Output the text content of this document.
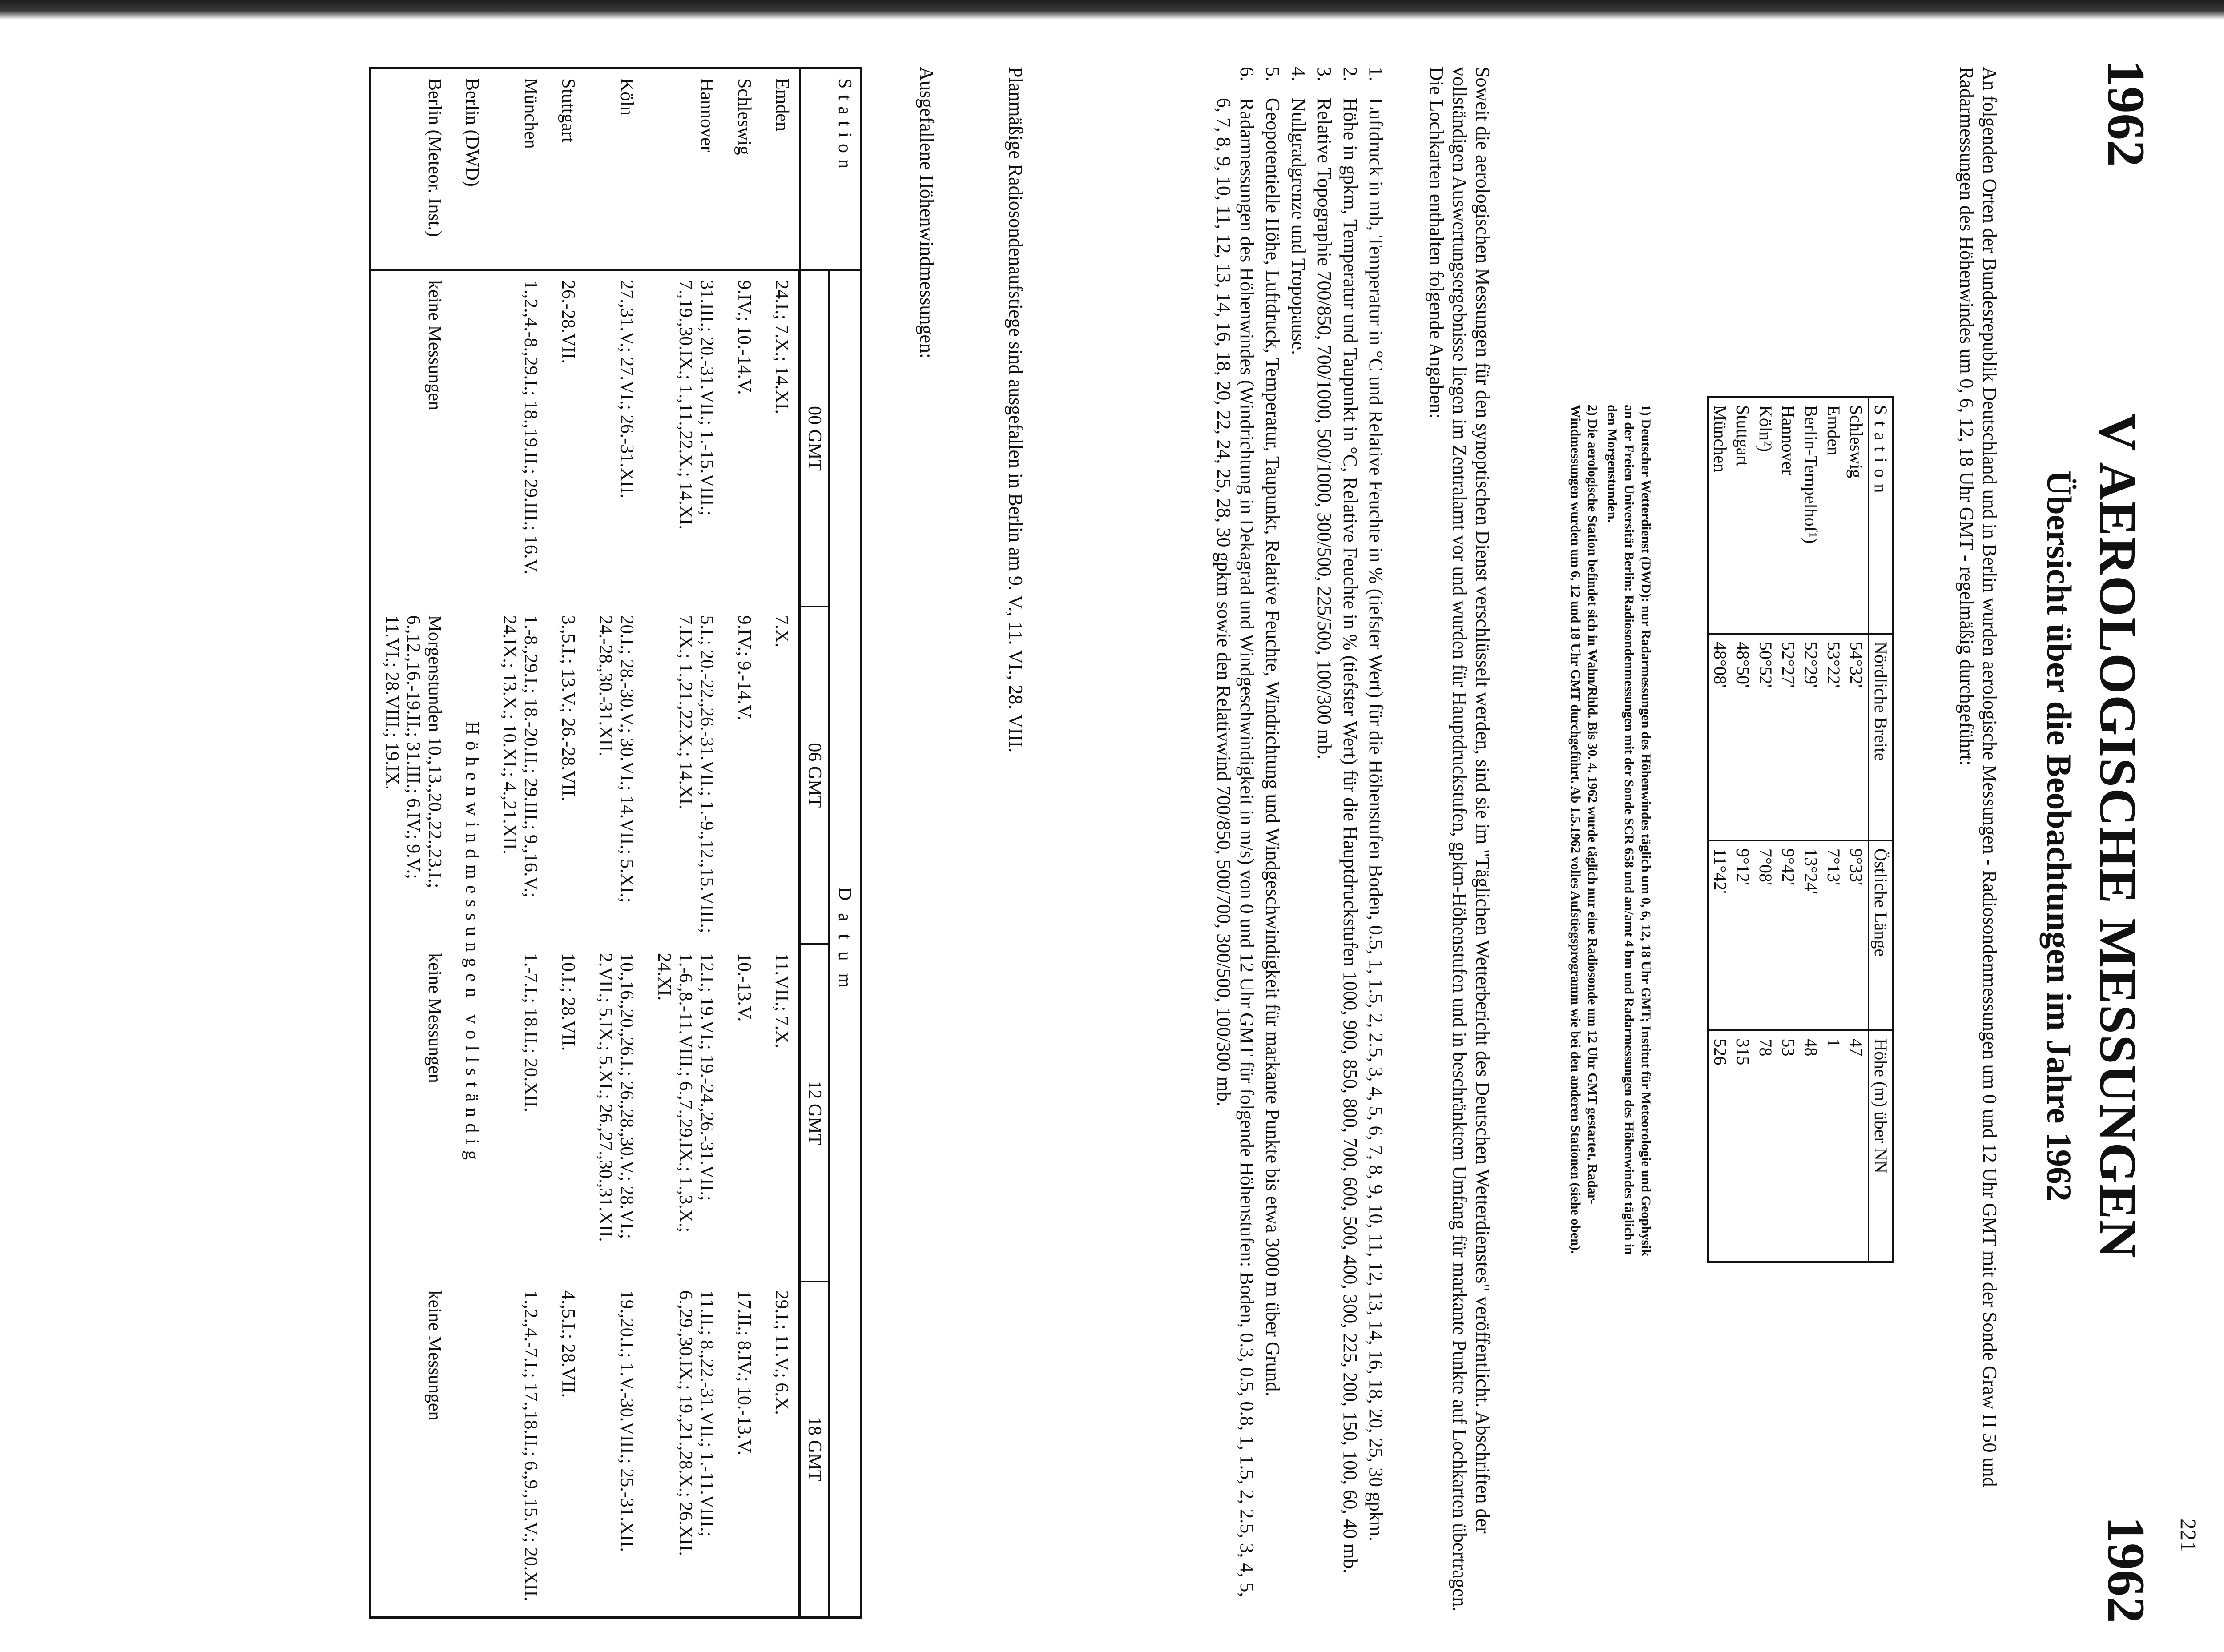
221
1962
1962
V AEROLOGISCHE MESSUNGEN
Übersicht über die Beobachtungen im Jahre 1962
An folgenden Orten der Bundesrepublik Deutschland und in Berlin wurden aerologische Messungen - Radiosondenmessungen um 0 und 12 Uhr GMT mit der Sonde Graw H 50 und Radarmessungen des Höhenwindes um 0, 6, 12, 18 Uhr GMT - regelmäßig durchgeführt:
Station	Nördliche Breite	Östliche Länge	Höhe (m) über NN
Schleswig	54°32'	9°33'	47
Emden	53°22'	7°13'	1
Berlin-Tempelhof¹)	52°29'	13°24'	48
Hannover	52°27'	9°42'	53
Köln²)	50°52'	7°08'	78
Stuttgart	48°50'	9°12'	315
München	48°08'	11°42'	526

1) Deutscher Wetterdienst (DWD): nur Radarmessungen des Höhenwindes täglich um 0, 6, 12, 18 Uhr GMT; Institut für Meteorologie und Geophysik an der Freien Universität Berlin: Radiosondenmessungen mit der Sonde SCR 658 und an/amt 4 bm und Radarmessungen des Höhenwindes täglich in den Morgenstunden.

2) Die aerologische Station befindet sich in Wahn/Rhld. Bis 30. 4. 1962 wurde täglich nur eine Radiosonde um 12 Uhr GMT gestartet, Radar-Windmessungen wurden um 6, 12 und 18 Uhr GMT durchgeführt. Ab 1.5.1962 volles Aufstiegsprogramm wie bei den anderen Stationen (siehe oben).

Soweit die aerologischen Messungen für den synoptischen Dienst verschlüsselt werden, sind sie im "Täglichen Wetterbericht des Deutschen Wetterdienstes" veröffentlicht. Abschriften der vollständigen Auswertungsergebnisse liegen im Zentralamt vor und wurden für Hauptdruckstufen, gpkm-Höhenstufen und in beschränktem Umfang für markante Punkte auf Lochkarten übertragen. Die Lochkarten enthalten folgende Angaben:
1.
Luftdruck in mb, Temperatur in °C und Relative Feuchte in % (tiefster Wert) für die Höhenstufen Boden, 0.5, 1, 1.5, 2, 2.5, 3, 4, 5, 6, 7, 8, 9, 10, 11, 12, 13, 14, 16, 18, 20, 25, 30 gpkm.
2.
Höhe in gpkm, Temperatur und Taupunkt in °C, Relative Feuchte in % (tiefster Wert) für die Hauptdruckstufen 1000, 900, 850, 800, 700, 600, 500, 400, 300, 225, 200, 150, 100, 60, 40 mb.
3.
Relative Topographie 700/850, 700/1000, 500/1000, 300/500, 225/500, 100/300 mb.
4.
Nullgradgrenze und Tropopause.
5.
Geopotentielle Höhe, Luftdruck, Temperatur, Taupunkt, Relative Feuchte, Windrichtung und Windgeschwindigkeit für markante Punkte bis etwa 3000 m über Grund.
6.
Radarmessungen des Höhenwindes (Windrichtung in Dekagrad und Windgeschwindigkeit in m/s) von 0 und 12 Uhr GMT für folgende Höhenstufen: Boden, 0.3, 0.5, 0.8, 1, 1.5, 2, 2.5, 3, 4, 5, 6, 7, 8, 9, 10, 11, 12, 13, 14, 16, 18, 20, 22, 24, 25, 28, 30 gpkm sowie den Relativwind 700/850, 500/700, 300/500, 100/300 mb.
Planmäßige Radiosondenaufstiege sind ausgefallen in Berlin am 9. V., 11. VI., 28. VIII.
Ausgefallene Höhenwindmessungen:
Station	Datum			
	00 GMT	06 GMT	12 GMT	18 GMT
Emden	24.I.; 7.X.; 14.XI.	7.X.	11.VII.; 7.X.	29.I.; 11.V.; 6.X.
Schleswig	9.IV.; 10.-14.V.	9.IV.; 9.-14.V.	10.-13.V.	17.II.; 8.IV.; 10.-13.V.
Hannover	31.III.; 20.-31.VII.; 1.-15.VIII.; 7.,19.,30.IX.; 1.,11.,22.X.; 14.XI.	5.I.; 20.-22.,26.-31.VII.; 1.-9.,12.,15.VIII.; 7.IX.; 1.,21.,22.X.; 14.XI.	12.I.; 19.VI.; 19.-24.,26.-31.VII.; 1.-6.,8.-11.VIII.; 6.,7.,29.IX.; 1.,3.X.; 24.XI.	11.II.; 8.,22.-31.VII.; 1.-11.VIII.; 6.,29.,30.IX.; 19.,21.,28.X.; 26.XII.
Köln	27.,31.V.; 27.VI.; 26.-31.XII.	20.I.; 28.-30.V.; 30.VI.; 14.VII.; 5.XI.; 24.-28.,30.-31.XII.	10.,16.,20.,26.I.; 26.,28.,30.V.; 28.VI.; 2.VII.; 5.IX.; 5.XI.; 26.,27.,30.,31.XII.	19.,20.I.; 1.V.-30.VIII.; 25.-31.XII.
Stuttgart	26.-28.VII.	3.,5.I.; 13.V.; 26.-28.VII.	10.I.; 28.VII.	4.,5.I.; 28.VII.
München	1.,2.,4.-8.,29.I.; 18.,19.II.; 29.III.; 16.V.	1.-8.,29.I.; 18.-20.II.; 29.III.; 9.,16.V.; 24.IX.; 13.X.; 10.XI.; 4.,21.XII.	1.-7.I.; 18.II.; 20.XII.	1.,2.,4.-7.I.; 17.,18.II.; 6.,9.,15.V.; 20.XII.
Berlin (DWD)	Höhenwindmessungen vollständig			
Berlin (Meteor. Inst.)	keine Messungen	Morgenstunden 10.,13.,20.,22.,23.I.; 6.,12.,16.-19.II.; 31.III.; 6.IV.; 9.V.; 11.VI.; 28.VIII.; 19.IX.	keine Messungen	keine Messungen
